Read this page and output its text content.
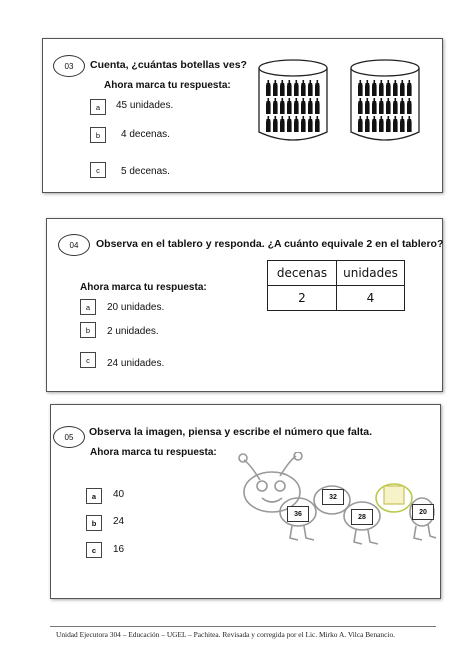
03	Cuenta, ¿cuántas botellas ves?
Ahora marca tu respuesta:
a	45 unidades.
b	4 decenas.
c	5 decenas.
04	Observa en el tablero y responda. ¿A cuánto equivale 2 en el tablero?
Ahora marca tu respuesta:
decenas	unidades
2	4
a	20 unidades.
b	2 unidades.
c	24 unidades.
05	Observa la imagen, piensa y escribe el número que falta.
Ahora marca tu respuesta:
36
32
28
20
a	40
b	24
c	16
Unidad Ejecutora 304 – Educación – UGEL – Pachitea. Revisada y corregida por el Lic. Mirko A. Vilca Benancio.
